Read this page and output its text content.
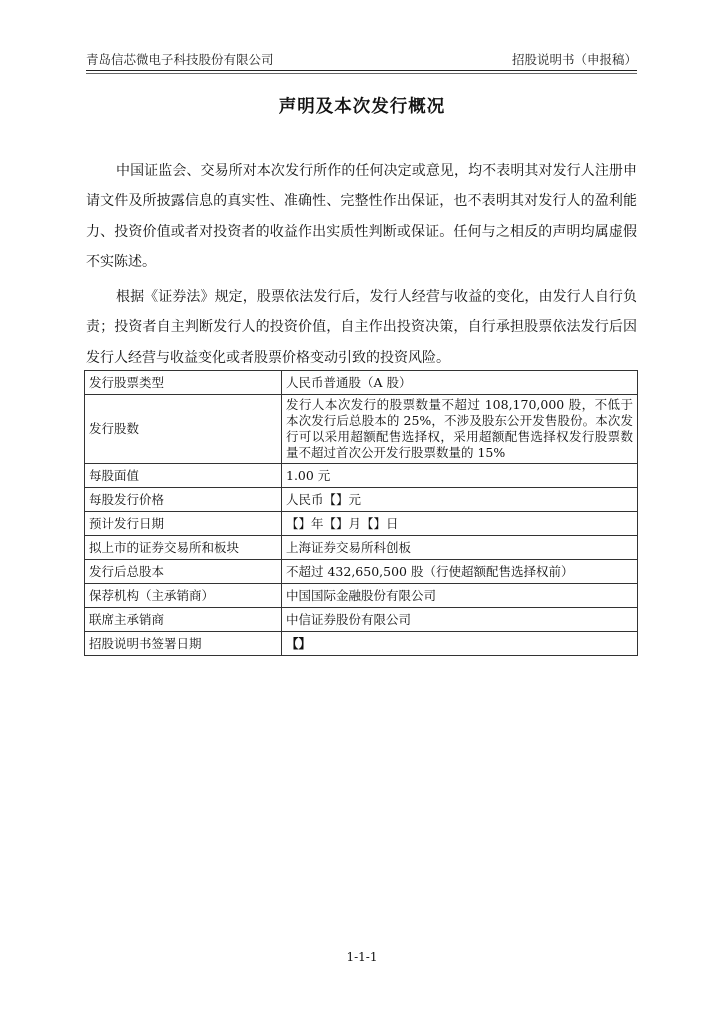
青岛信芯微电子科技股份有限公司	招股说明书（申报稿）
声明及本次发行概况

中国证监会、交易所对本次发行所作的任何决定或意见，均不表明其对发行人注册申请文件及所披露信息的真实性、准确性、完整性作出保证，也不表明其对发行人的盈利能力、投资价值或者对投资者的收益作出实质性判断或保证。任何与之相反的声明均属虚假不实陈述。

根据《证券法》规定，股票依法发行后，发行人经营与收益的变化，由发行人自行负责；投资者自主判断发行人的投资价值，自主作出投资决策，自行承担股票依法发行后因发行人经营与收益变化或者股票价格变动引致的投资风险。

发行股票类型	人民币普通股（A 股）
发行股数	发行人本次发行的股票数量不超过 108,170,000 股，不低于本次发行后总股本的 25%，不涉及股东公开发售股份。本次发行可以采用超额配售选择权，采用超额配售选择权发行股票数量不超过首次公开发行股票数量的 15%
每股面值	1.00 元
每股发行价格	人民币【】元
预计发行日期	【】年【】月【】日
拟上市的证券交易所和板块	上海证券交易所科创板
发行后总股本	不超过 432,650,500 股（行使超额配售选择权前）
保荐机构（主承销商）	中国国际金融股份有限公司
联席主承销商	中信证券股份有限公司
招股说明书签署日期	【】
1-1-1
